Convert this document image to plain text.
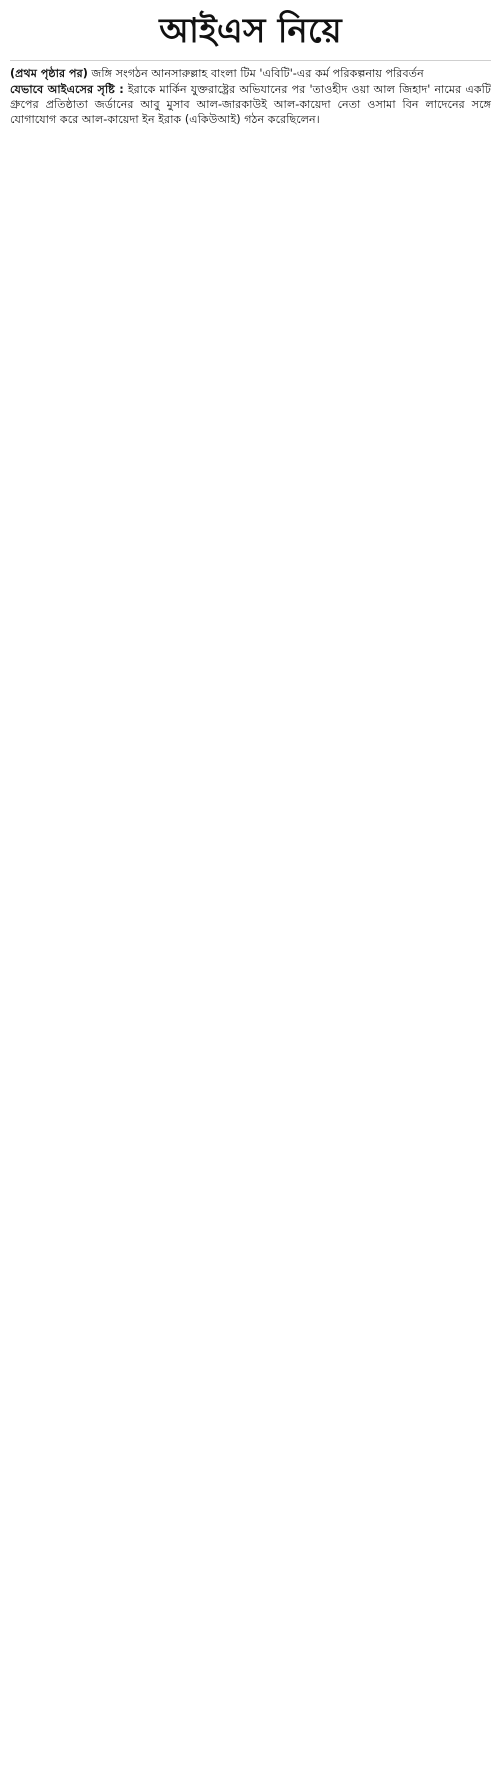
আইএস নিয়ে

(প্রথম পৃষ্ঠার পর) জঙ্গি সংগঠন আনসারুল্লাহ বাংলা টিম 'এবিটি'-এর কর্ম পরিকল্পনায় পরিবর্তন

যেভাবে আইএসের সৃষ্টি : ইরাকে মার্কিন যুক্তরাষ্ট্রের অভিযানের পর 'তাওহীদ ওয়া আল জিহাদ' নামের একটি গ্রুপের প্রতিষ্ঠাতা জর্ডানের আবু মুসাব আল-জারকাউই আল-কায়েদা নেতা ওসামা বিন লাদেনের সঙ্গে যোগাযোগ করে আল-কায়েদা ইন ইরাক (একিউআই) গঠন করেছিলেন।
